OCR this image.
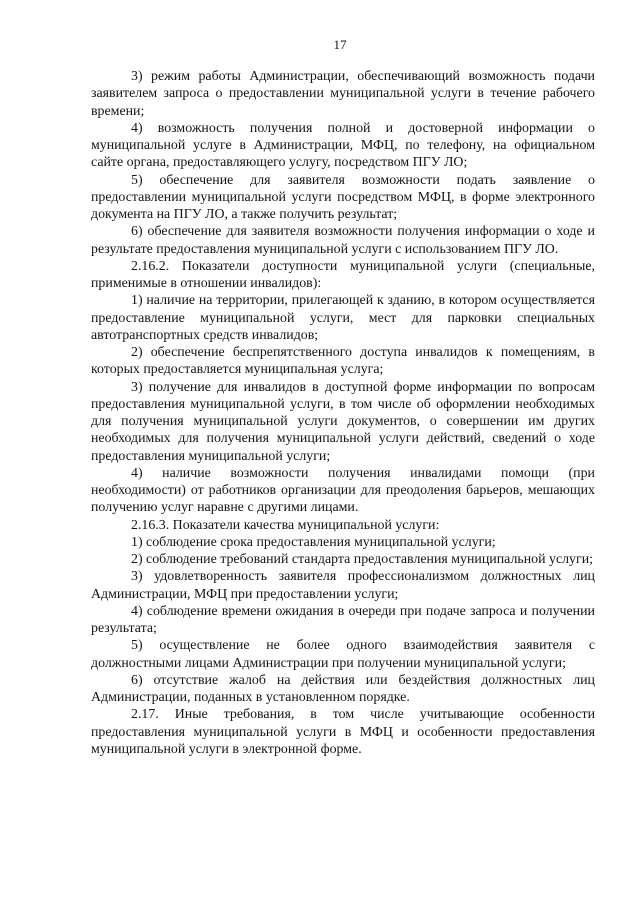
17

3) режим работы Администрации, обеспечивающий возможность подачи заявителем запроса о предоставлении муниципальной услуги в течение рабочего времени;

4) возможность получения полной и достоверной информации о муниципальной услуге в Администрации, МФЦ, по телефону, на официальном сайте органа, предоставляющего услугу, посредством ПГУ ЛО;

5) обеспечение для заявителя возможности подать заявление о предоставлении муниципальной услуги посредством МФЦ, в форме электронного документа на ПГУ ЛО, а также получить результат;

6) обеспечение для заявителя возможности получения информации о ходе и результате предоставления муниципальной услуги с использованием ПГУ ЛО.

2.16.2. Показатели доступности муниципальной услуги (специальные, применимые в отношении инвалидов):

1) наличие на территории, прилегающей к зданию, в котором осуществляется предоставление муниципальной услуги, мест для парковки специальных автотранспортных средств инвалидов;

2) обеспечение беспрепятственного доступа инвалидов к помещениям, в которых предоставляется муниципальная услуга;

3) получение для инвалидов в доступной форме информации по вопросам предоставления муниципальной услуги, в том числе об оформлении необходимых для получения муниципальной услуги документов, о совершении им других необходимых для получения муниципальной услуги действий, сведений о ходе предоставления муниципальной услуги;

4) наличие возможности получения инвалидами помощи (при необходимости) от работников организации для преодоления барьеров, мешающих получению услуг наравне с другими лицами.

2.16.3. Показатели качества муниципальной услуги:

1) соблюдение срока предоставления муниципальной услуги;

2) соблюдение требований стандарта предоставления муниципальной услуги;

3) удовлетворенность заявителя профессионализмом должностных лиц Администрации, МФЦ при предоставлении услуги;

4) соблюдение времени ожидания в очереди при подаче запроса и получении результата;

5) осуществление не более одного взаимодействия заявителя с должностными лицами Администрации при получении муниципальной услуги;

6) отсутствие жалоб на действия или бездействия должностных лиц Администрации, поданных в установленном порядке.

2.17. Иные требования, в том числе учитывающие особенности предоставления муниципальной услуги в МФЦ и особенности предоставления муниципальной услуги в электронной форме.
